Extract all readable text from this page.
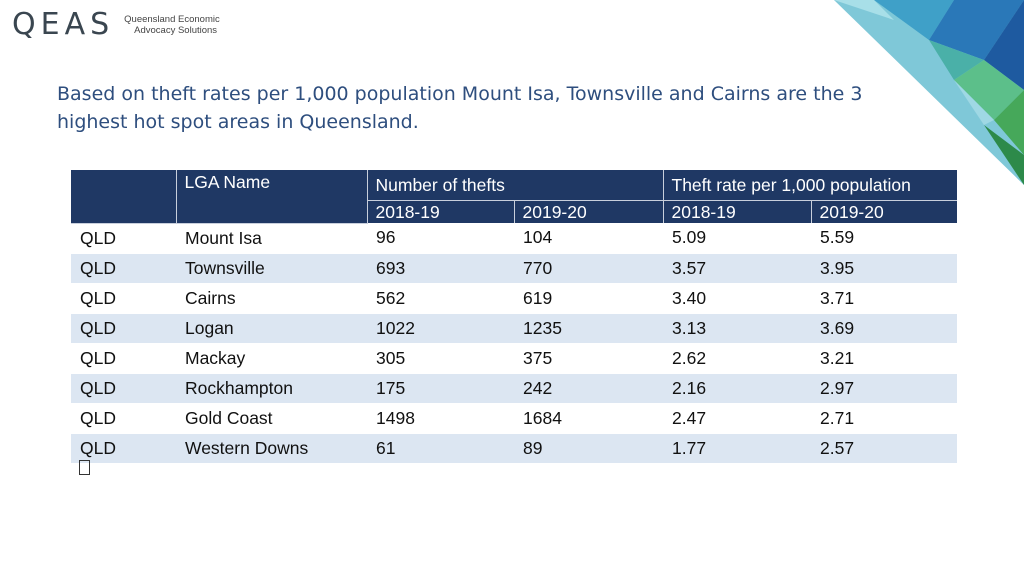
QEAS Queensland Economic
Advocacy Solutions
Based on theft rates per 1,000 population Mount Isa, Townsville and Cairns are the 3 highest hot spot areas in Queensland.
	LGA Name	Number of thefts		Theft rate per 1,000 population	
		2018-19	2019-20	2018-19	2019-20
QLD	Mount Isa	96	104	5.09	5.59
QLD	Townsville	693	770	3.57	3.95
QLD	Cairns	562	619	3.40	3.71
QLD	Logan	1022	1235	3.13	3.69
QLD	Mackay	305	375	2.62	3.21
QLD	Rockhampton	175	242	2.16	2.97
QLD	Gold Coast	1498	1684	2.47	2.71
QLD	Western Downs	61	89	1.77	2.57
